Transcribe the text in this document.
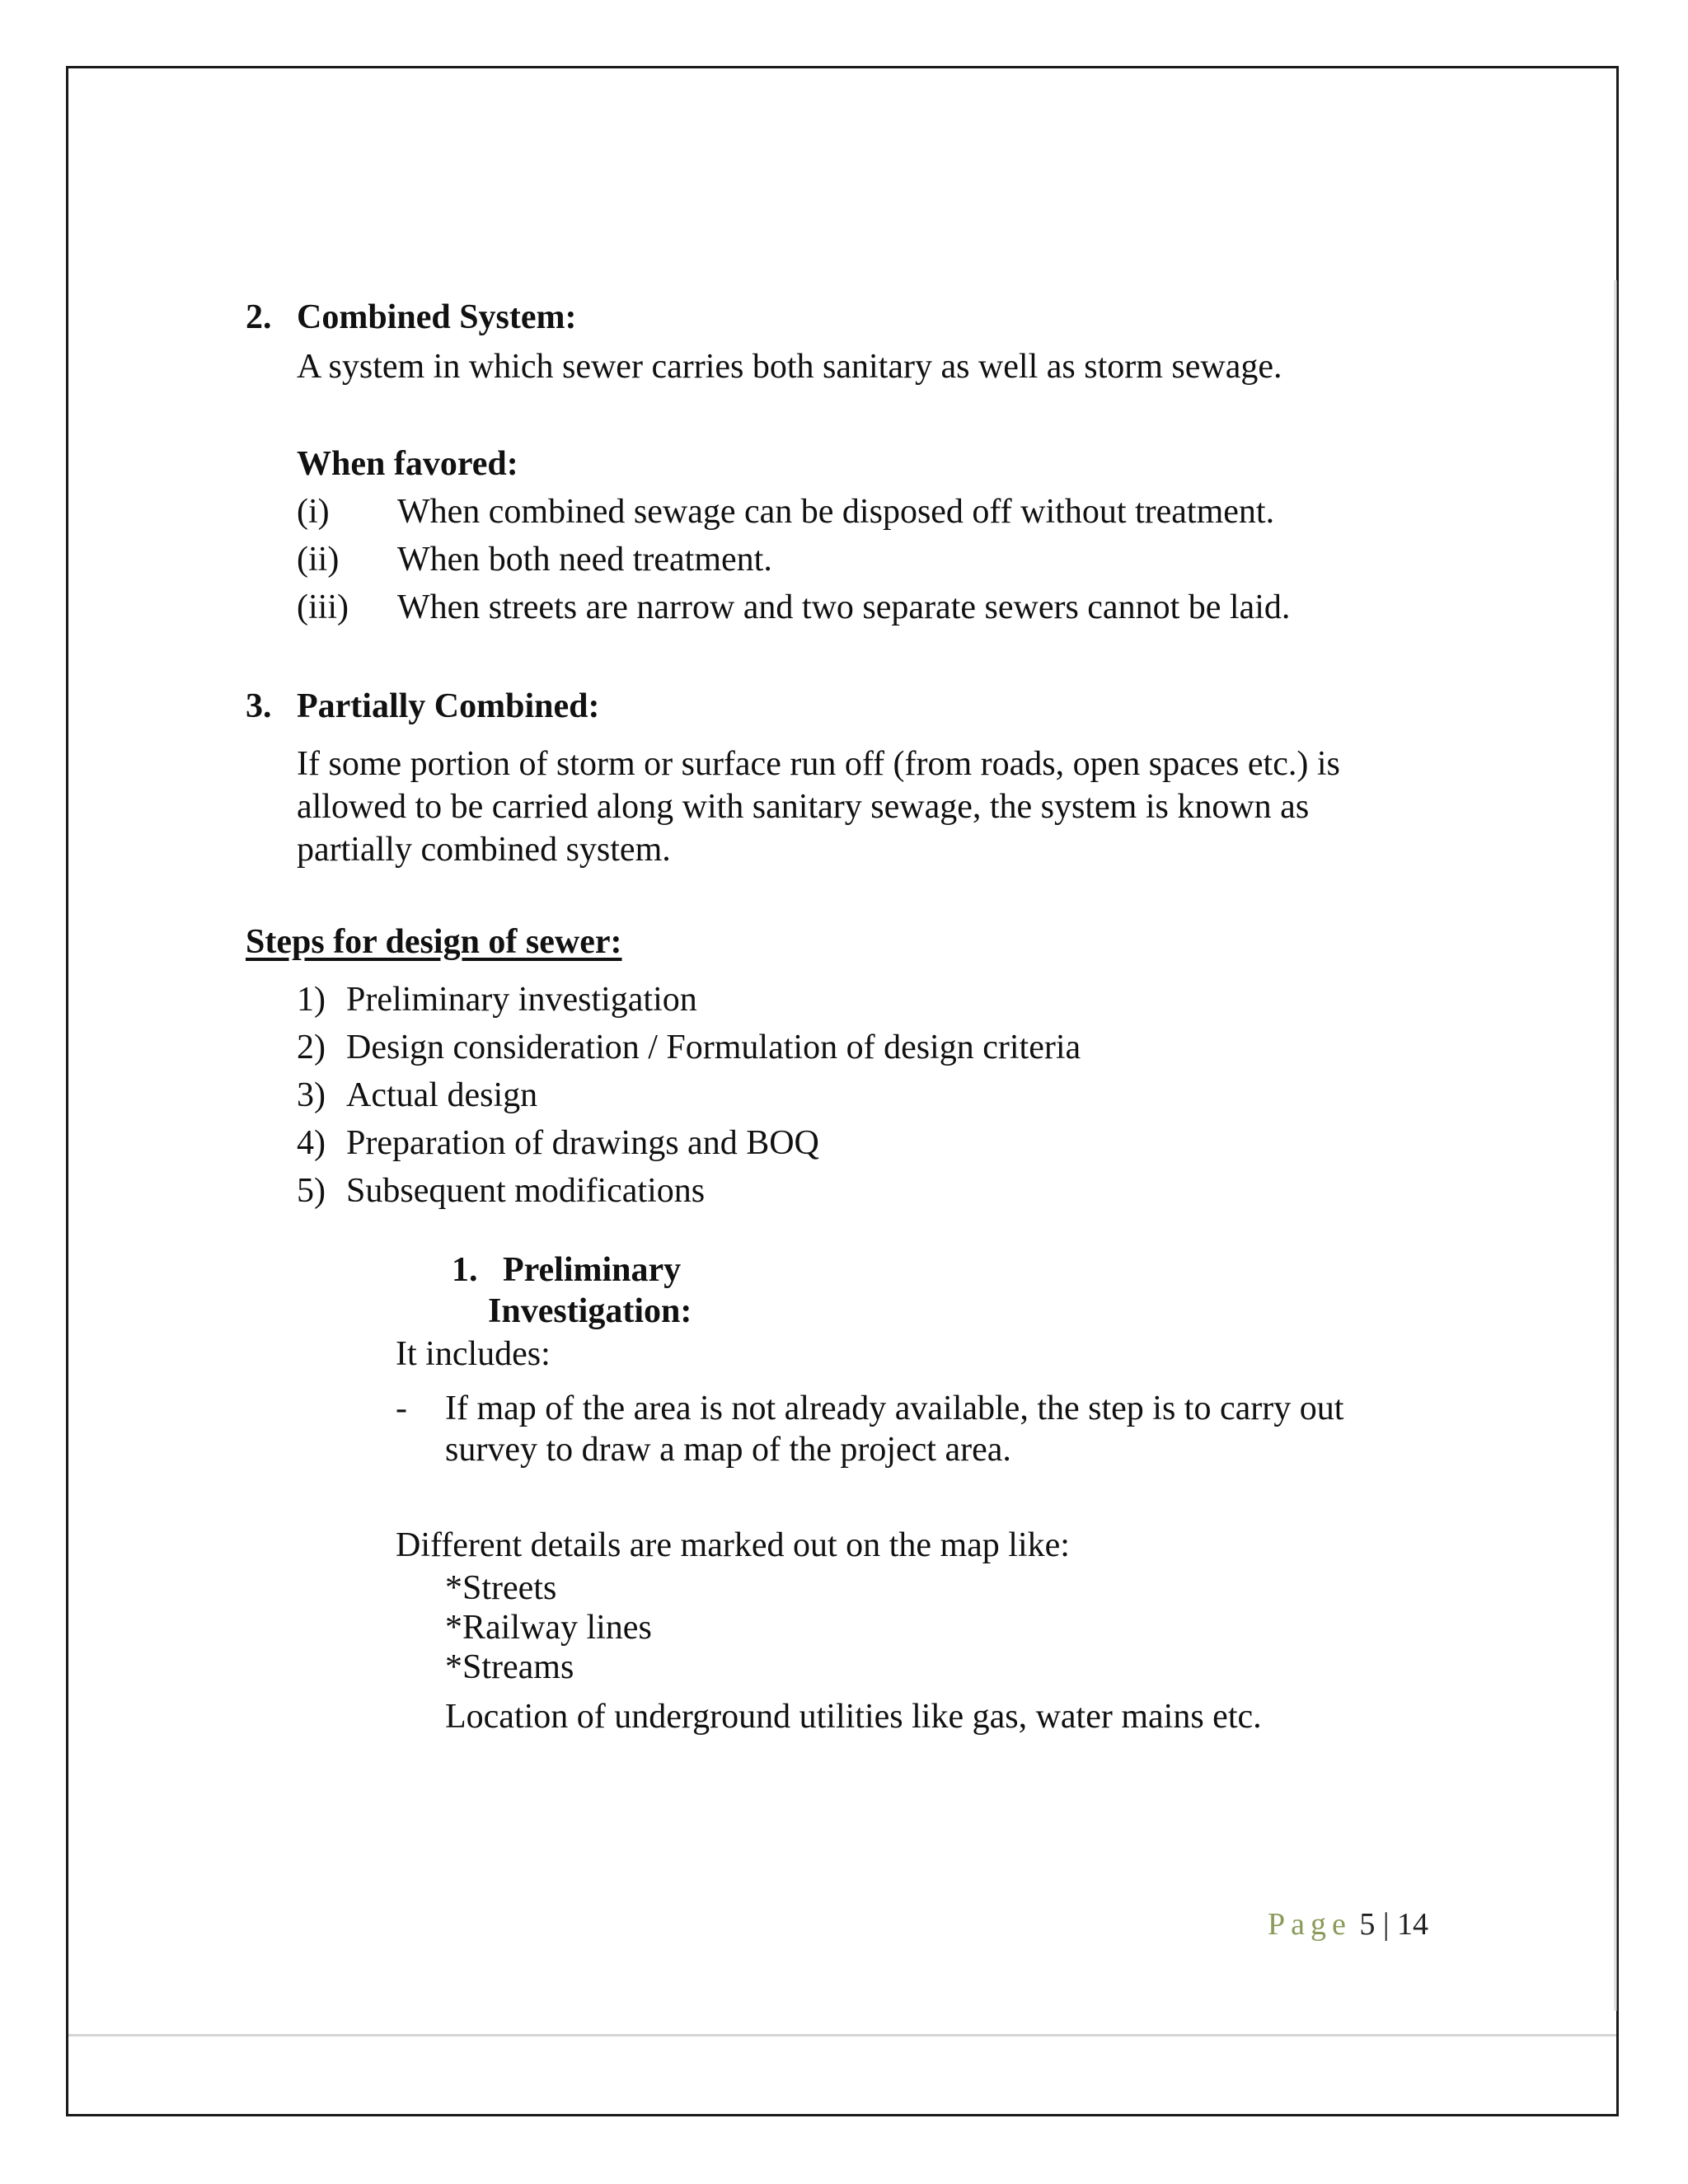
2. Combined System:
A system in which sewer carries both sanitary as well as storm sewage.
When favored:
(i) When combined sewage can be disposed off without treatment.
(ii) When both need treatment.
(iii) When streets are narrow and two separate sewers cannot be laid.
3. Partially Combined:
If some portion of storm or surface run off (from roads, open spaces etc.) is
allowed to be carried along with sanitary sewage, the system is known as
partially combined system.
Steps for design of sewer:
1) Preliminary investigation
2) Design consideration / Formulation of design criteria
3) Actual design
4) Preparation of drawings and BOQ
5) Subsequent modifications
1. Preliminary
Investigation:
It includes:
- If map of the area is not already available, the step is to carry out
survey to draw a map of the project area.
Different details are marked out on the map like:
*Streets
*Railway lines
*Streams
Location of underground utilities like gas, water mains etc.
Page 5 | 14
